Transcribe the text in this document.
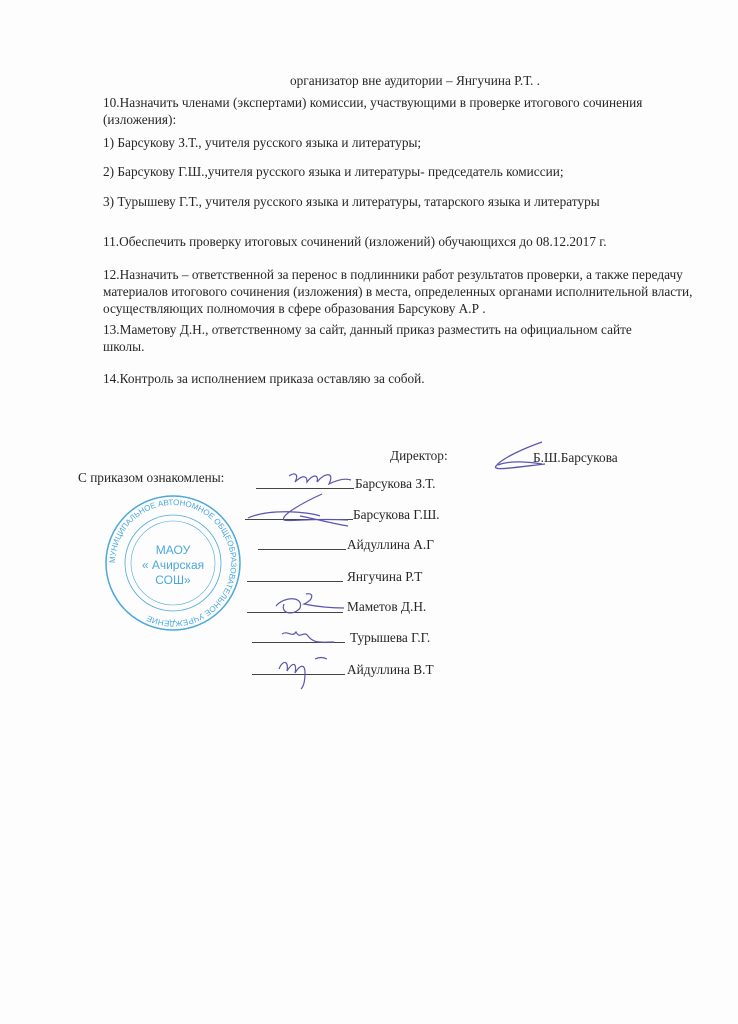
организатор вне аудитории – Янгучина Р.Т. .
10.Назначить членами (экспертами) комиссии, участвующими в проверке итогового сочинения (изложения):
1) Барсукову З.Т., учителя русского языка и литературы;
2) Барсукову Г.Ш.,учителя русского языка и литературы- председатель комиссии;
3) Турышеву Г.Т., учителя русского языка и литературы, татарского языка и литературы
11.Обеспечить проверку итоговых сочинений (изложений) обучающихся до 08.12.2017 г.
12.Назначить – ответственной за перенос в подлинники работ результатов проверки, а также передачу материалов итогового сочинения (изложения) в места, определенных органами исполнительной власти, осуществляющих полномочия в сфере образования Барсукову А.Р .
13.Маметову Д.Н., ответственному за сайт, данный приказ разместить на официальном сайте школы.
14.Контроль за исполнением приказа оставляю за собой.
Директор:	Б.Ш.Барсукова
С приказом ознакомлены:
МУНИЦИПАЛЬНОЕ АВТОНОМНОЕ ОБЩЕОБРАЗОВАТЕЛЬНОЕ УЧРЕЖДЕНИЕ
МАОУ
« Ачирская
СОШ»
Барсукова З.Т.
Барсукова Г.Ш.
Айдуллина А.Г
Янгучина Р.Т
Маметов Д.Н.
Турышева Г.Г.
Айдуллина В.Т
